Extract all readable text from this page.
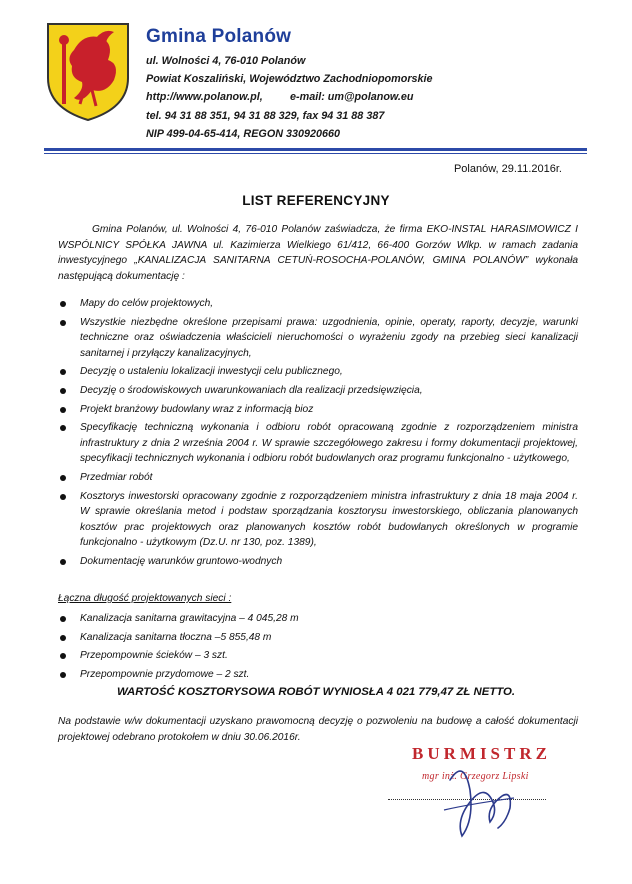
Gmina Polanów
ul. Wolności 4, 76-010 Polanów
Powiat Koszaliński, Województwo Zachodniopomorskie
http://www.polanow.pl,	e-mail: um@polanow.eu
tel. 94 31 88 351, 94 31 88 329, fax 94 31 88 387
NIP 499-04-65-414, REGON 330920660
Polanów, 29.11.2016r.
LIST REFERENCYJNY
Gmina Polanów, ul. Wolności 4, 76-010 Polanów zaświadcza, że firma EKO-INSTAL HARASIMOWICZ I WSPÓLNICY SPÓŁKA JAWNA ul. Kazimierza Wielkiego 61/412, 66-400 Gorzów Wlkp. w ramach zadania inwestycyjnego „KANALIZACJA SANITARNA CETUŃ-ROSOCHA-POLANÓW, GMINA POLANÓW” wykonała następującą dokumentację :
Mapy do celów projektowych,
Wszystkie niezbędne określone przepisami prawa: uzgodnienia, opinie, operaty, raporty, decyzje, warunki techniczne oraz oświadczenia właścicieli nieruchomości o wyrażeniu zgody na przebieg sieci kanalizacji sanitarnej i przyłączy kanalizacyjnych,
Decyzję o ustaleniu lokalizacji inwestycji celu publicznego,
Decyzję o środowiskowych uwarunkowaniach dla realizacji przedsięwzięcia,
Projekt branżowy budowlany wraz z informacją bioz
Specyfikację techniczną wykonania i odbioru robót opracowaną zgodnie z rozporządzeniem ministra infrastruktury z dnia 2 września 2004 r. W sprawie szczegółowego zakresu i formy dokumentacji projektowej, specyfikacji technicznych wykonania i odbioru robót budowlanych oraz programu funkcjonalno - użytkowego,
Przedmiar robót
Kosztorys inwestorski opracowany zgodnie z rozporządzeniem ministra infrastruktury z dnia 18 maja 2004 r. W sprawie określania metod i podstaw sporządzania kosztorysu inwestorskiego, obliczania planowanych kosztów prac projektowych oraz planowanych kosztów robót budowlanych określonych w programie funkcjonalno - użytkowym (Dz.U. nr 130, poz. 1389),
Dokumentację warunków gruntowo-wodnych
Łączna długość projektowanych sieci :
Kanalizacja sanitarna grawitacyjna – 4 045,28 m
Kanalizacja sanitarna tłoczna –5 855,48 m
Przepompownie ścieków – 3 szt.
Przepompownie przydomowe – 2 szt.
WARTOŚĆ KOSZTORYSOWA ROBÓT WYNIOSŁA 4 021 779,47 ZŁ NETTO.
Na podstawie w/w dokumentacji uzyskano prawomocną decyzję o pozwoleniu na budowę a całość dokumentacji projektowej odebrano protokołem w dniu 30.06.2016r.
BURMISTRZ
mgr inż. Grzegorz Lipski
